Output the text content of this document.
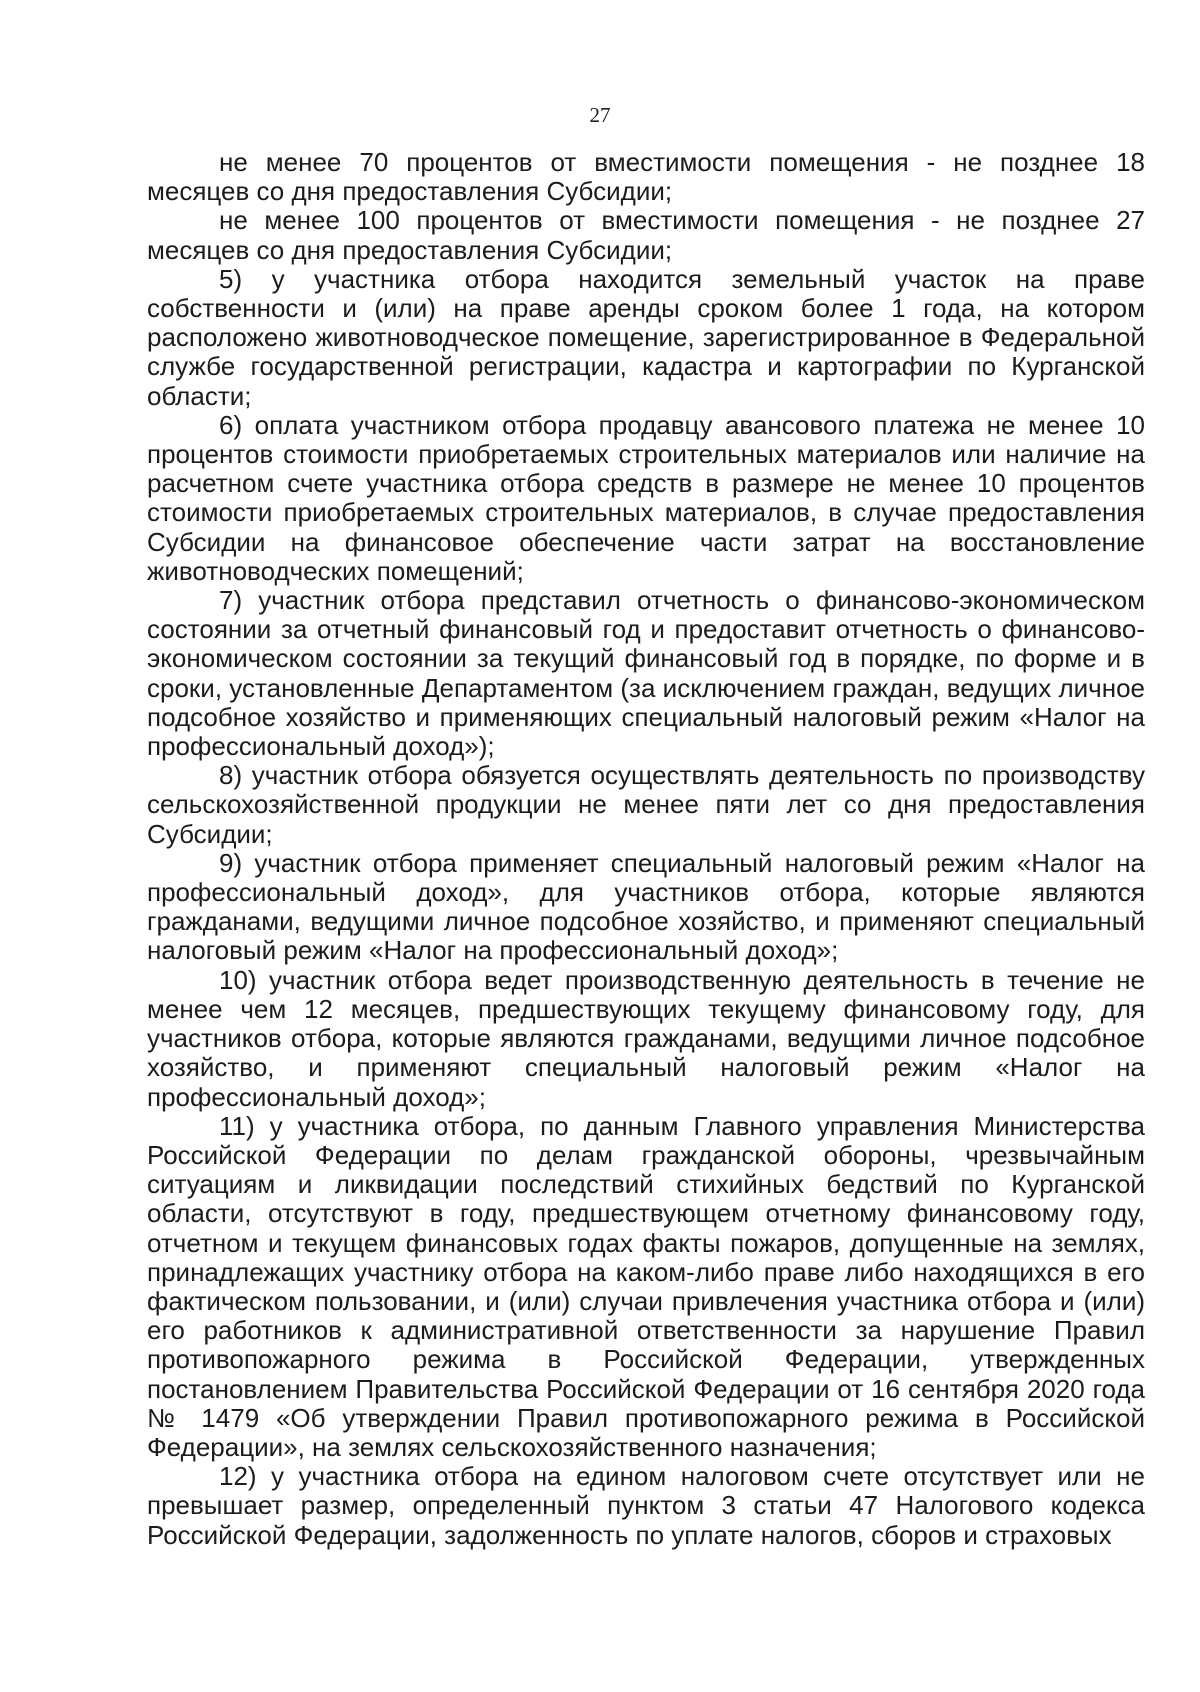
27

не менее 70 процентов от вместимости помещения - не позднее 18 месяцев со дня предоставления Субсидии;

не менее 100 процентов от вместимости помещения - не позднее 27 месяцев со дня предоставления Субсидии;

5) у участника отбора находится земельный участок на праве собственности и (или) на праве аренды сроком более 1 года, на котором расположено животноводческое помещение, зарегистрированное в Федеральной службе государственной регистрации, кадастра и картографии по Курганской области;

6) оплата участником отбора продавцу авансового платежа не менее 10 процентов стоимости приобретаемых строительных материалов или наличие на расчетном счете участника отбора средств в размере не менее 10 процентов стоимости приобретаемых строительных материалов, в случае предоставления Субсидии на финансовое обеспечение части затрат на восстановление животноводческих помещений;

7) участник отбора представил отчетность о финансово-экономическом состоянии за отчетный финансовый год и предоставит отчетность о финансово-экономическом состоянии за текущий финансовый год в порядке, по форме и в сроки, установленные Департаментом (за исключением граждан, ведущих личное подсобное хозяйство и применяющих специальный налоговый режим «Налог на профессиональный доход»);

8) участник отбора обязуется осуществлять деятельность по производству сельскохозяйственной продукции не менее пяти лет со дня предоставления Субсидии;

9) участник отбора применяет специальный налоговый режим «Налог на профессиональный доход», для участников отбора, которые являются гражданами, ведущими личное подсобное хозяйство, и применяют специальный налоговый режим «Налог на профессиональный доход»;

10) участник отбора ведет производственную деятельность в течение не менее чем 12 месяцев, предшествующих текущему финансовому году, для участников отбора, которые являются гражданами, ведущими личное подсобное хозяйство, и применяют специальный налоговый режим «Налог на профессиональный доход»;

11) у участника отбора, по данным Главного управления Министерства Российской Федерации по делам гражданской обороны, чрезвычайным ситуациям и ликвидации последствий стихийных бедствий по Курганской области, отсутствуют в году, предшествующем отчетному финансовому году, отчетном и текущем финансовых годах факты пожаров, допущенные на землях, принадлежащих участнику отбора на каком-либо праве либо находящихся в его фактическом пользовании, и (или) случаи привлечения участника отбора и (или) его работников к административной ответственности за нарушение Правил противопожарного режима в Российской Федерации, утвержденных постановлением Правительства Российской Федерации от 16 сентября 2020 года № 1479 «Об утверждении Правил противопожарного режима в Российской Федерации», на землях сельскохозяйственного назначения;

12) у участника отбора на едином налоговом счете отсутствует или не превышает размер, определенный пунктом 3 статьи 47 Налогового кодекса Российской Федерации, задолженность по уплате налогов, сборов и страховых
